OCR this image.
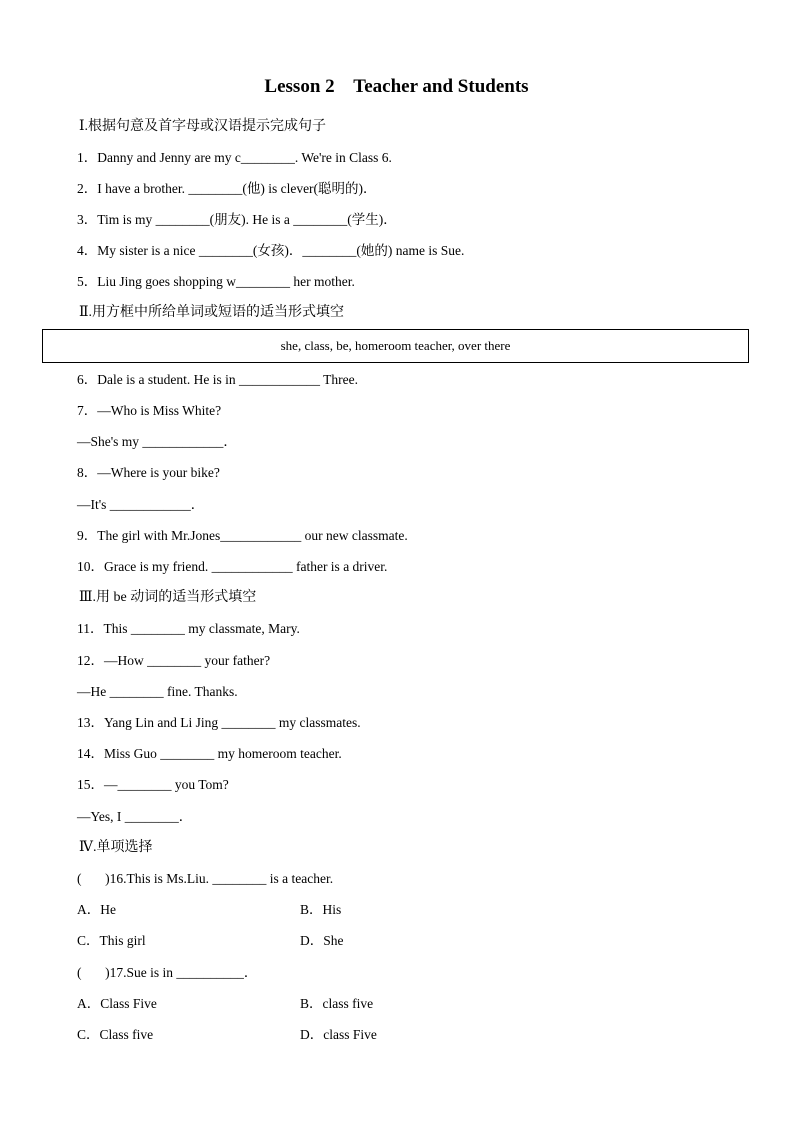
Lesson 2    Teacher and Students
Ⅰ.根据句意及首字母或汉语提示完成句子
1．Danny and Jenny are my c________. We're in Class 6.
2．I have a brother. ________(他) is clever(聪明的)．
3．Tim is my ________(朋友). He is a ________(学生)．
4．My sister is a nice ________(女孩)．________(她的) name is Sue.
5．Liu Jing goes shopping w________ her mother.
Ⅱ.用方框中所给单词或短语的适当形式填空
she, class, be, homeroom teacher, over there
6．Dale is a student. He is in ____________ Three.
7．—Who is Miss White?
—She's my ____________．
8．—Where is your bike?
—It's ____________．
9．The girl with Mr.Jones____________ our new classmate.
10．Grace is my friend. ____________ father is a driver.
Ⅲ.用 be 动词的适当形式填空
11．This ________ my classmate, Mary.
12．—How ________ your father?
—He ________ fine. Thanks.
13．Yang Lin and Li Jing ________ my classmates.
14．Miss Guo ________ my homeroom teacher.
15．—________ you Tom?
—Yes, I ________．
Ⅳ.单项选择
(       )16.This is Ms.Liu. ________ is a teacher.
A．He	B．His
C．This girl	D．She
(       )17.Sue is in __________．
A．Class Five	B．class five
C．Class five	D．class Five
